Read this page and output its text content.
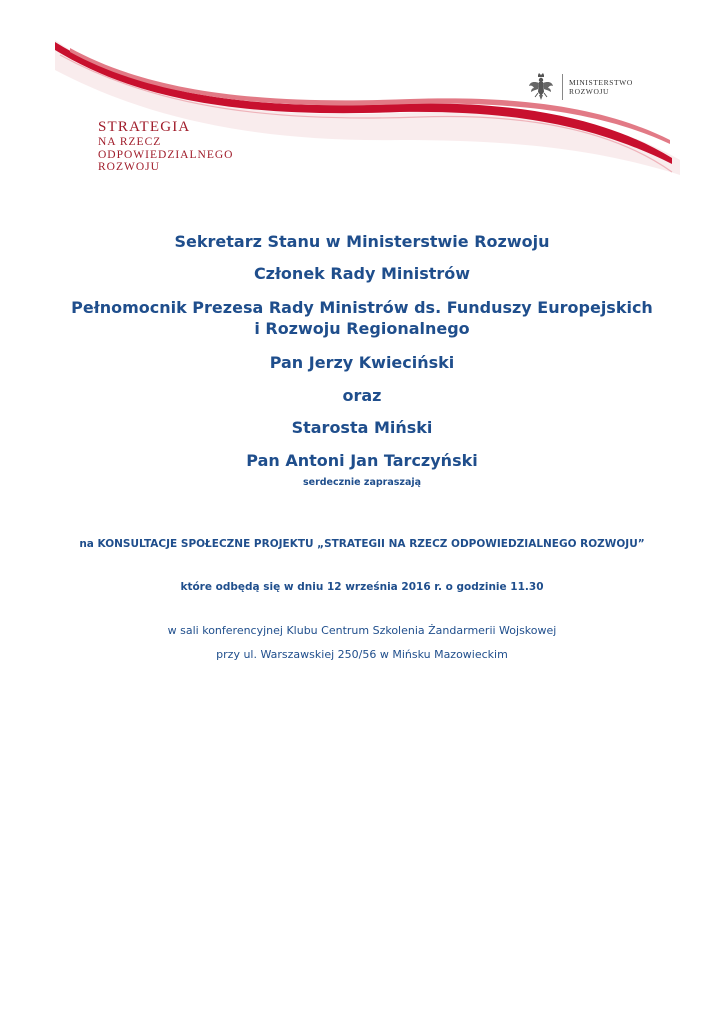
STRATEGIA
NA RZECZ
ODPOWIEDZIALNEGO
ROZWOJU
MINISTERSTWO
ROZWOJU
Sekretarz Stanu w Ministerstwie Rozwoju
Członek Rady Ministrów
Pełnomocnik Prezesa Rady Ministrów ds. Funduszy Europejskich
i Rozwoju Regionalnego
Pan Jerzy Kwieciński
oraz
Starosta Miński
Pan Antoni Jan Tarczyński
serdecznie zapraszają
na KONSULTACJE SPOŁECZNE PROJEKTU „STRATEGII NA RZECZ ODPOWIEDZIALNEGO ROZWOJU”
które odbędą się w dniu 12 września 2016 r. o godzinie 11.30
w sali konferencyjnej Klubu Centrum Szkolenia Żandarmerii Wojskowej
przy ul. Warszawskiej 250/56 w Mińsku Mazowieckim
